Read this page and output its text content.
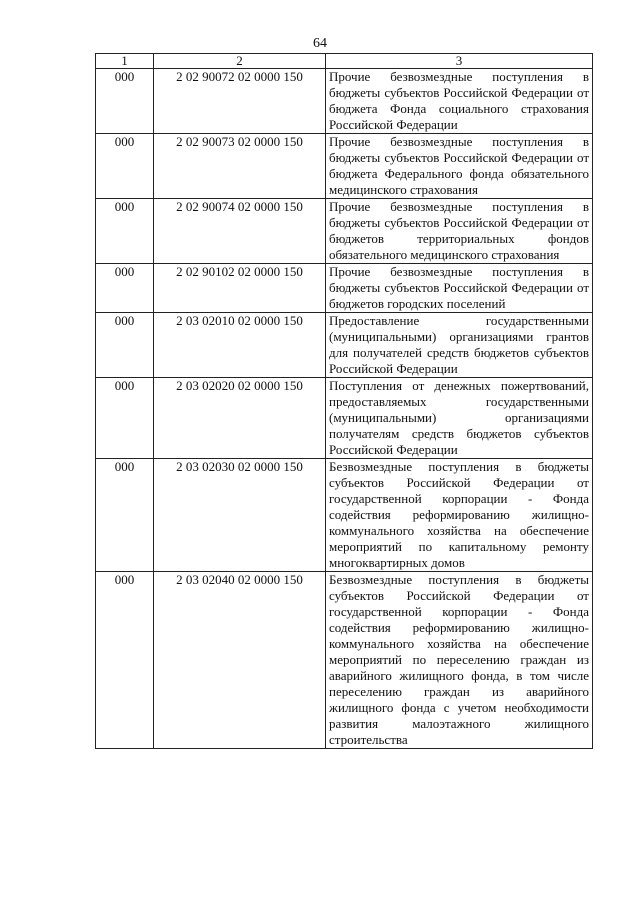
64
1	2	3
000	2 02 90072 02 0000 150	Прочие безвозмездные поступления в бюджеты субъектов Российской Федерации от бюджета Фонда социального страхования Российской Федерации
000	2 02 90073 02 0000 150	Прочие безвозмездные поступления в бюджеты субъектов Российской Федерации от бюджета Федерального фонда обязательного медицинского страхования
000	2 02 90074 02 0000 150	Прочие безвозмездные поступления в бюджеты субъектов Российской Федерации от бюджетов территориальных фондов обязательного медицинского страхования
000	2 02 90102 02 0000 150	Прочие безвозмездные поступления в бюджеты субъектов Российской Федерации от бюджетов городских поселений
000	2 03 02010 02 0000 150	Предоставление государственными (муниципальными) организациями грантов для получателей средств бюджетов субъектов Российской Федерации
000	2 03 02020 02 0000 150	Поступления от денежных пожертвований, предоставляемых государственными (муниципальными) организациями получателям средств бюджетов субъектов Российской Федерации
000	2 03 02030 02 0000 150	Безвозмездные поступления в бюджеты субъектов Российской Федерации от государственной корпорации - Фонда содействия реформированию жилищно-коммунального хозяйства на обеспечение мероприятий по капитальному ремонту многоквартирных домов
000	2 03 02040 02 0000 150	Безвозмездные поступления в бюджеты субъектов Российской Федерации от государственной корпорации - Фонда содействия реформированию жилищно-коммунального хозяйства на обеспечение мероприятий по переселению граждан из аварийного жилищного фонда, в том числе переселению граждан из аварийного жилищного фонда с учетом необходимости развития малоэтажного жилищного строительства
